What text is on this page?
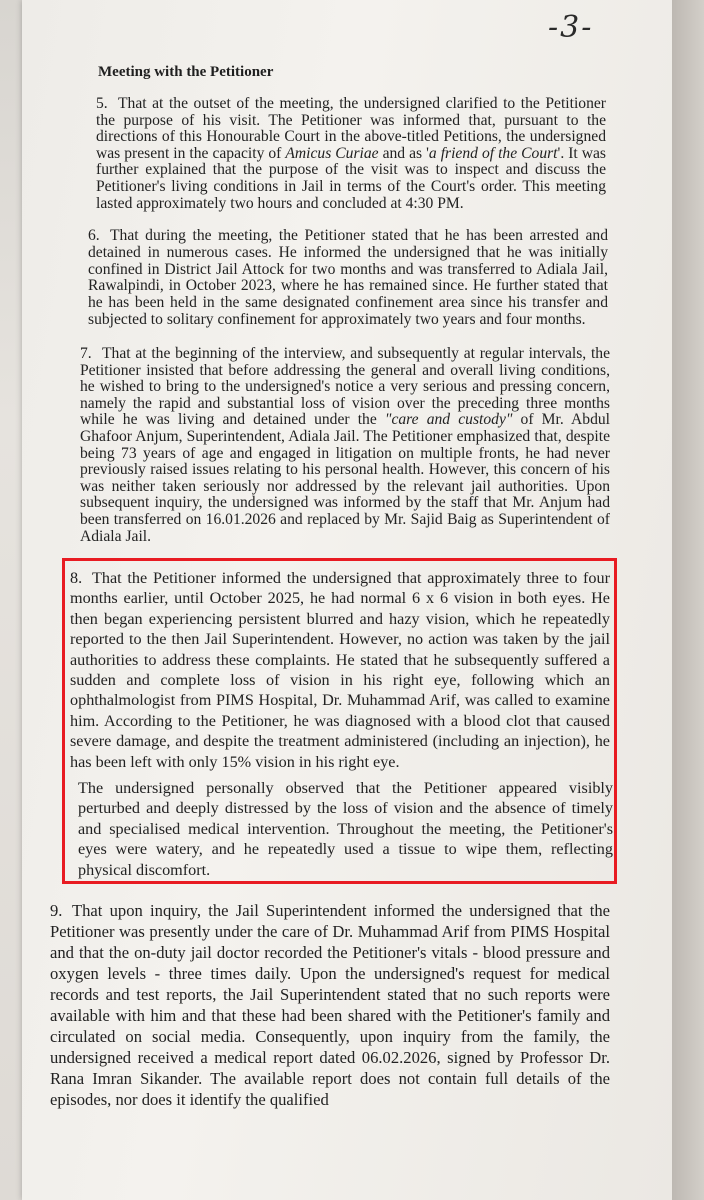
-3-
Meeting with the Petitioner
5. That at the outset of the meeting, the undersigned clarified to the Petitioner the purpose of his visit. The Petitioner was informed that, pursuant to the directions of this Honourable Court in the above-titled Petitions, the undersigned was present in the capacity of Amicus Curiae and as 'a friend of the Court'. It was further explained that the purpose of the visit was to inspect and discuss the Petitioner's living conditions in Jail in terms of the Court's order. This meeting lasted approximately two hours and concluded at 4:30 PM.
6. That during the meeting, the Petitioner stated that he has been arrested and detained in numerous cases. He informed the undersigned that he was initially confined in District Jail Attock for two months and was transferred to Adiala Jail, Rawalpindi, in October 2023, where he has remained since. He further stated that he has been held in the same designated confinement area since his transfer and subjected to solitary confinement for approximately two years and four months.
7. That at the beginning of the interview, and subsequently at regular intervals, the Petitioner insisted that before addressing the general and overall living conditions, he wished to bring to the undersigned's notice a very serious and pressing concern, namely the rapid and substantial loss of vision over the preceding three months while he was living and detained under the "care and custody" of Mr. Abdul Ghafoor Anjum, Superintendent, Adiala Jail. The Petitioner emphasized that, despite being 73 years of age and engaged in litigation on multiple fronts, he had never previously raised issues relating to his personal health. However, this concern of his was neither taken seriously nor addressed by the relevant jail authorities. Upon subsequent inquiry, the undersigned was informed by the staff that Mr. Anjum had been transferred on 16.01.2026 and replaced by Mr. Sajid Baig as Superintendent of Adiala Jail.
8. That the Petitioner informed the undersigned that approximately three to four months earlier, until October 2025, he had normal 6 x 6 vision in both eyes. He then began experiencing persistent blurred and hazy vision, which he repeatedly reported to the then Jail Superintendent. However, no action was taken by the jail authorities to address these complaints. He stated that he subsequently suffered a sudden and complete loss of vision in his right eye, following which an ophthalmologist from PIMS Hospital, Dr. Muhammad Arif, was called to examine him. According to the Petitioner, he was diagnosed with a blood clot that caused severe damage, and despite the treatment administered (including an injection), he has been left with only 15% vision in his right eye.
The undersigned personally observed that the Petitioner appeared visibly perturbed and deeply distressed by the loss of vision and the absence of timely and specialised medical intervention. Throughout the meeting, the Petitioner's eyes were watery, and he repeatedly used a tissue to wipe them, reflecting physical discomfort.
9. That upon inquiry, the Jail Superintendent informed the undersigned that the Petitioner was presently under the care of Dr. Muhammad Arif from PIMS Hospital and that the on-duty jail doctor recorded the Petitioner's vitals - blood pressure and oxygen levels - three times daily. Upon the undersigned's request for medical records and test reports, the Jail Superintendent stated that no such reports were available with him and that these had been shared with the Petitioner's family and circulated on social media. Consequently, upon inquiry from the family, the undersigned received a medical report dated 06.02.2026, signed by Professor Dr. Rana Imran Sikander. The available report does not contain full details of the episodes, nor does it identify the qualified
